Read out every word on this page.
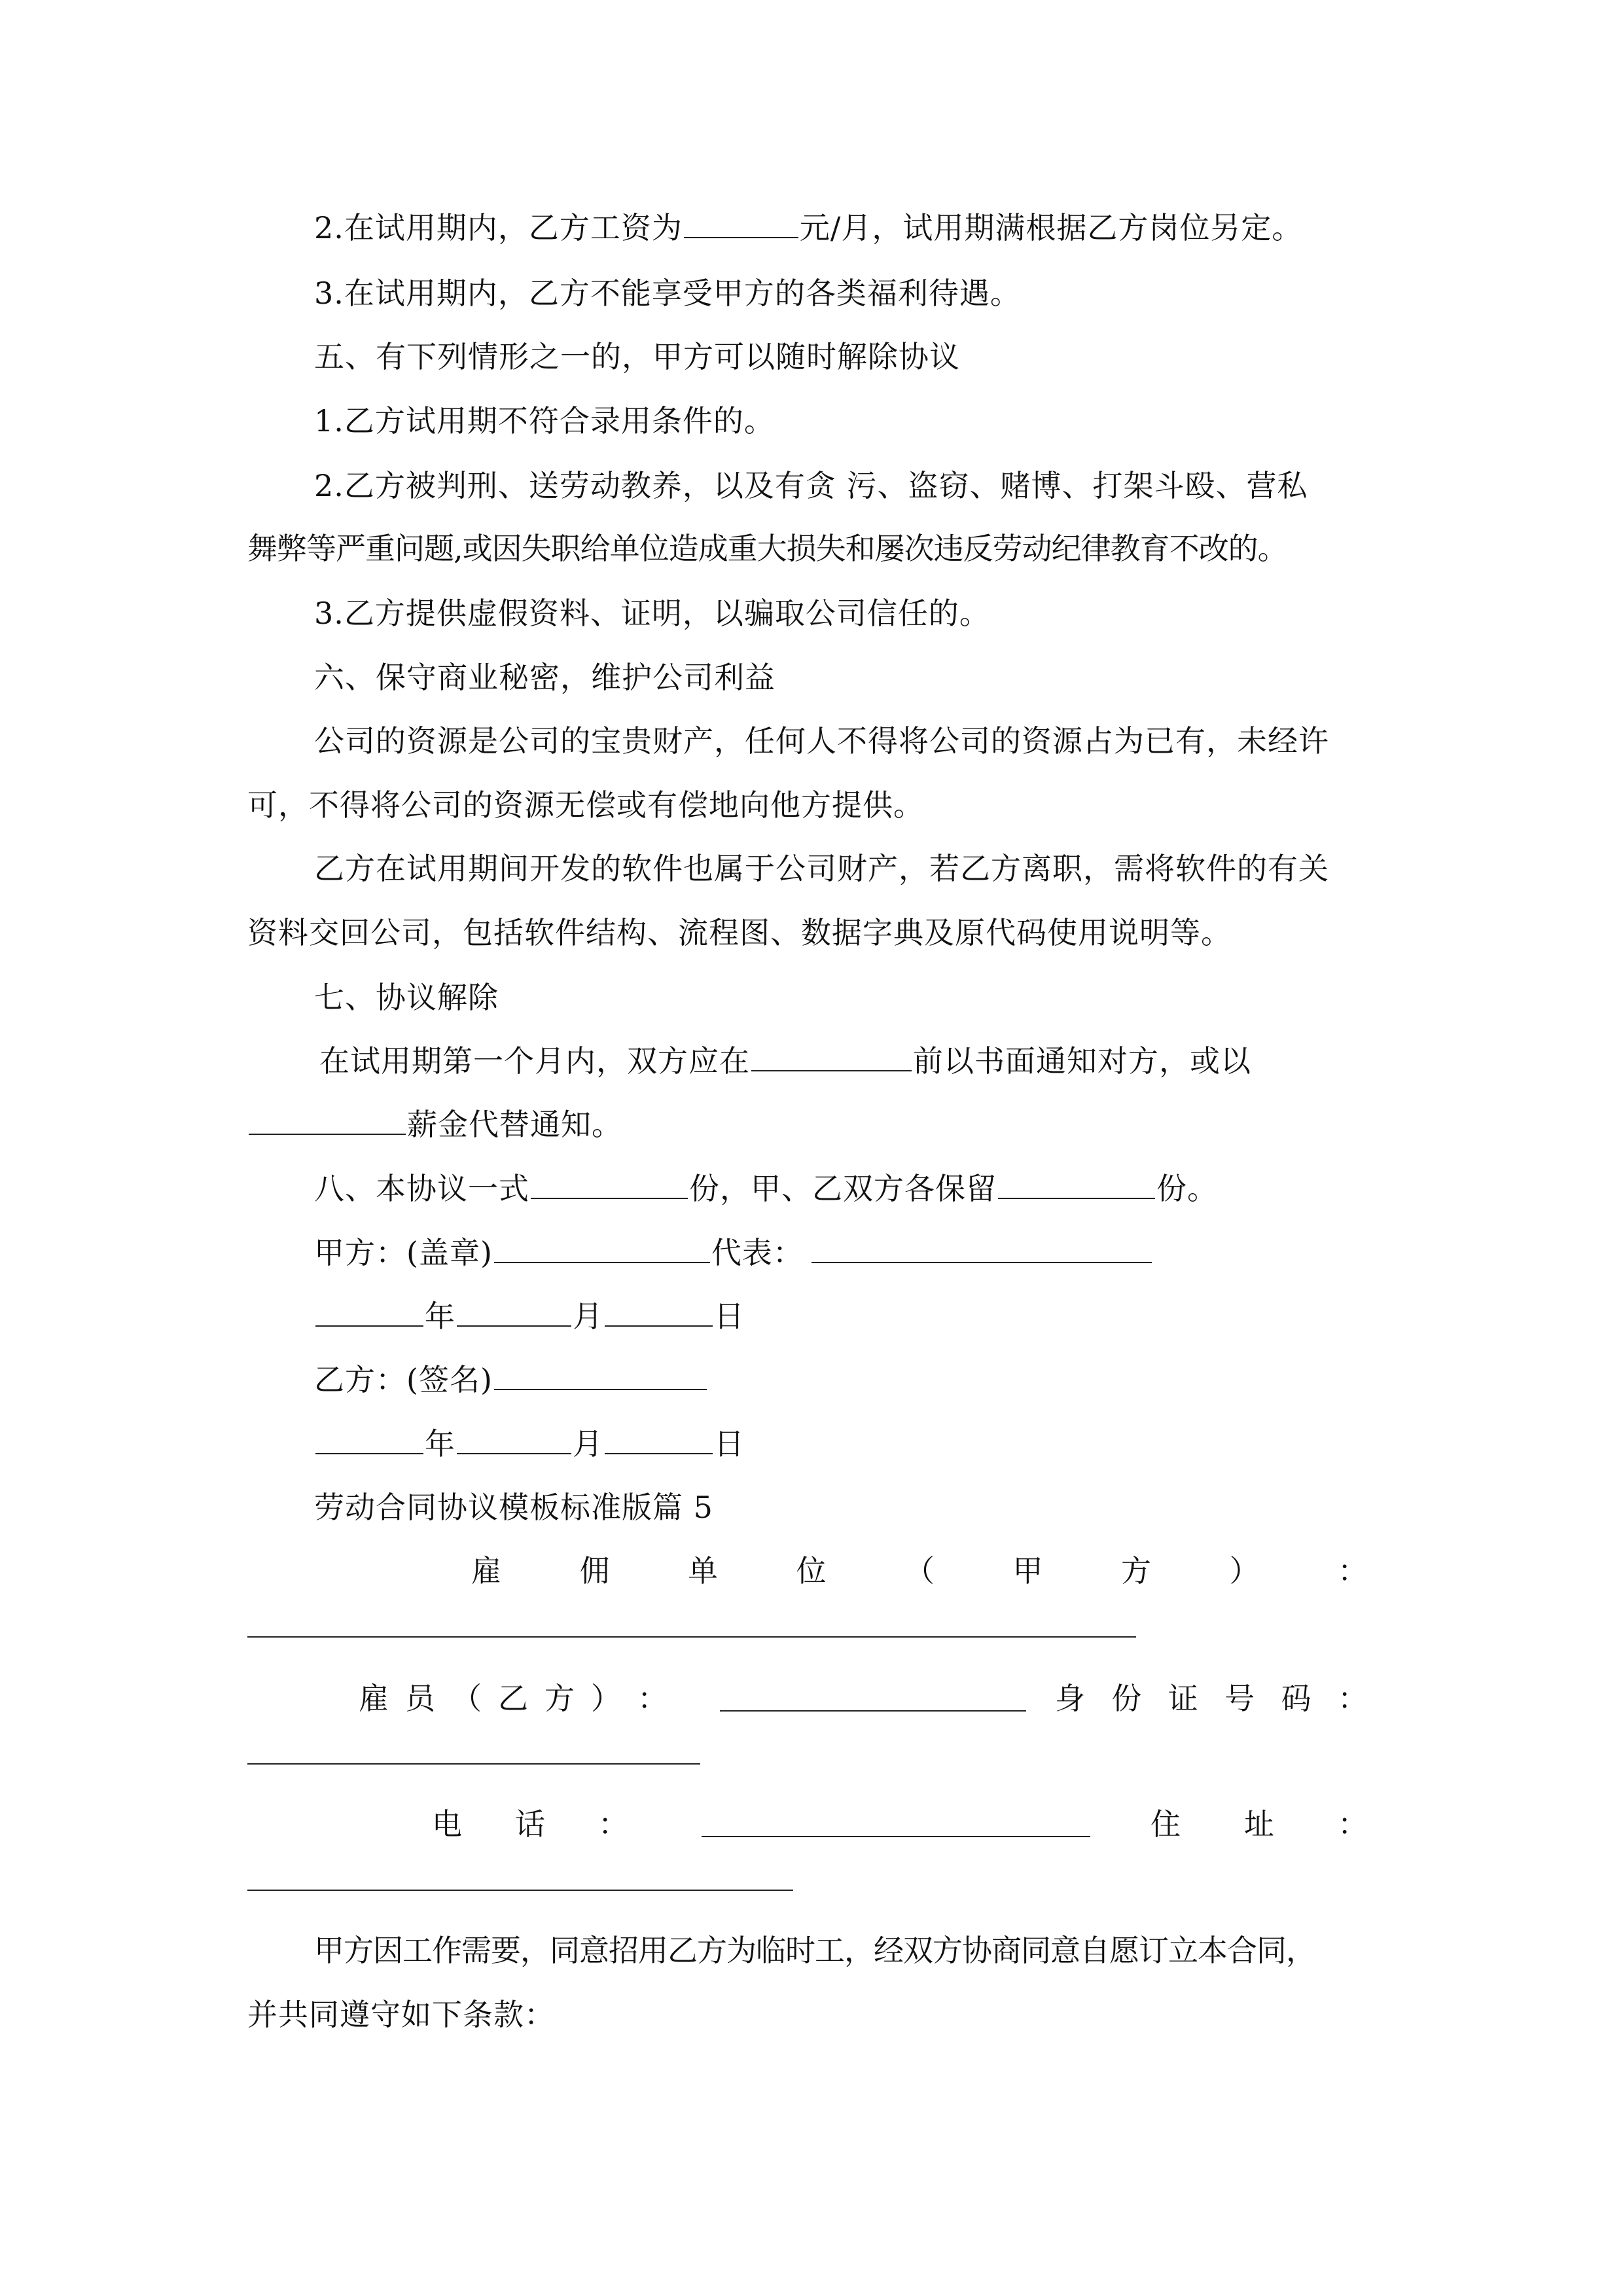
2.在试用期内，乙方工资为	元/月，试用期满根据乙方岗位另定。
3.在试用期内，乙方不能享受甲方的各类福利待遇。
五、有下列情形之一的，甲方可以随时解除协议
1.乙方试用期不符合录用条件的。
2.乙方被判刑、送劳动教养，以及有贪 污、盗窃、赌博、打架斗殴、营私
舞弊等严重问题,或因失职给单位造成重大损失和屡次违反劳动纪律教育不改的。
3.乙方提供虚假资料、证明，以骗取公司信任的。
六、保守商业秘密，维护公司利益
公司的资源是公司的宝贵财产，任何人不得将公司的资源占为已有，未经许
可，不得将公司的资源无偿或有偿地向他方提供。
乙方在试用期间开发的软件也属于公司财产，若乙方离职，需将软件的有关
资料交回公司，包括软件结构、流程图、数据字典及原代码使用说明等。
七、协议解除
在试用期第一个月内，双方应在	前以书面通知对方，或以
薪金代替通知。
八、本协议一式	份，甲、乙双方各保留	份。
甲方：(盖章)	代表：
年	月	日
乙方：(签名)
年	月	日
劳动合同协议模板标准版篇 5
雇	佣	单	位	（	甲	方	）	：
雇 员 （ 乙 方 ） ：	身 份 证 号 码 ：
电 话 ：	住 址 ：
甲方因工作需要，同意招用乙方为临时工，经双方协商同意自愿订立本合同，
并共同遵守如下条款：
